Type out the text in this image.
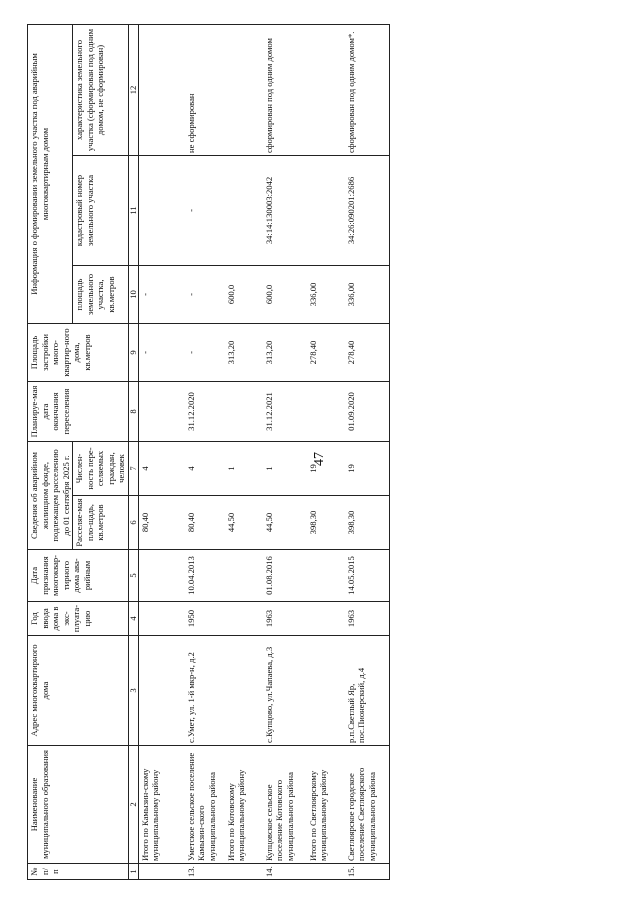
47
№ п/п	Наименование муниципального образования	Адрес многоквартирного дома	Год ввода дома в экс-плуата-цию	Дата признания многоквар-тирного дома ава-рийным	Сведения об аварийном жилищном фонде, подлежащем расселению до 01 сентября 2025 г.		Планируе-мая дата окончания переселения	Площадь застройки много-квартир-ного дома, кв.метров	Информация о формировании земельного участка под аварийным многоквартирным домом		
					Расселяе-мая пло-щадь, кв.метров	Числен-ность пере-селяемых граждан, человек			площадь земельного участка, кв.метров	кадастровый номер земельного участка	характеристика земельного участка (сформирован под одним домом, не сформирован)
1	2	3	4	5	6	7	8	9	10	11	12
	Итого по Камызин-скому муниципальному району				80,40	4		-	-		
13.	Уметское сельское поселение Камызин-ского муниципального района	с.Умет, ул. 1-й мкр-н, д.2	1950	10.04.2013	80,40	4	31.12.2020	-	-	-	не сформирован
	Итого по Котовскому муниципальному району				44,50	1		313,20	600,0		
14.	Купцовское сельское поселение Котовского муниципального района	с.Купцово, ул.Чапаева, д.3	1963	01.08.2016	44,50	1	31.12.2021	313,20	600,0	34:14:130003:2042	сформирован под одним домом
	Итого по Светлоярскому муниципальному району				398,30	19		278,40	336,00		
15.	Светлоярское городское поселение Светлоярского муниципального района	р.п.Светлый Яр, пос.Пионерский, д.4	1963	14.05.2015	398,30	19	01.09.2020	278,40	336,00	34:26:090201:2686	сформирован под одним домом*.
